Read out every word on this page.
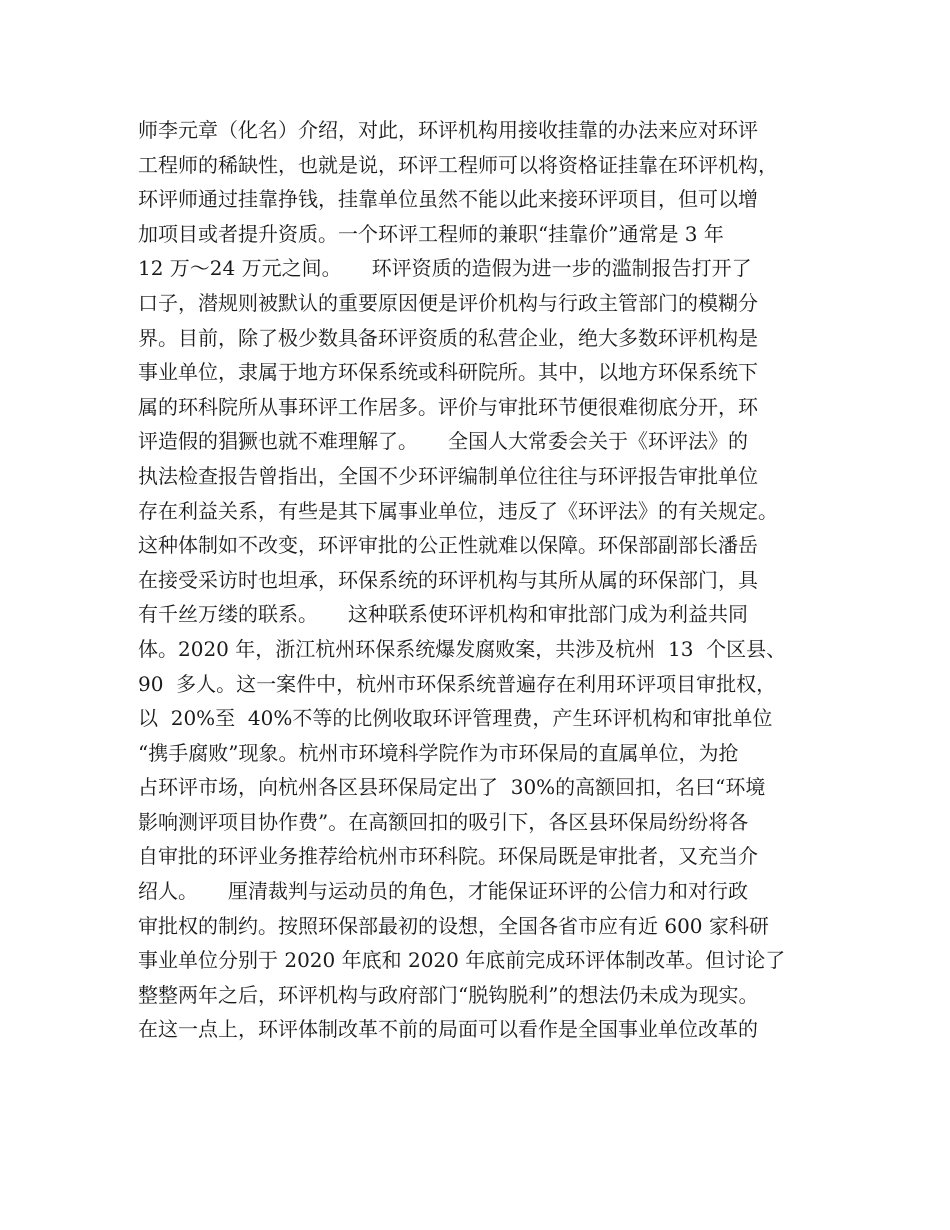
师李元章（化名）介绍，对此，环评机构用接收挂靠的办法来应对环评
工程师的稀缺性，也就是说，环评工程师可以将资格证挂靠在环评机构，
环评师通过挂靠挣钱，挂靠单位虽然不能以此来接环评项目，但可以增
加项目或者提升资质。一个环评工程师的兼职“挂靠价”通常是 3 年
12 万～24 万元之间。　　环评资质的造假为进一步的滥制报告打开了
口子，潜规则被默认的重要原因便是评价机构与行政主管部门的模糊分
界。目前，除了极少数具备环评资质的私营企业，绝大多数环评机构是
事业单位，隶属于地方环保系统或科研院所。其中，以地方环保系统下
属的环科院所从事环评工作居多。评价与审批环节便很难彻底分开，环
评造假的猖獗也就不难理解了。　　全国人大常委会关于《环评法》的
执法检查报告曾指出，全国不少环评编制单位往往与环评报告审批单位
存在利益关系，有些是其下属事业单位，违反了《环评法》的有关规定。
这种体制如不改变，环评审批的公正性就难以保障。环保部副部长潘岳
在接受采访时也坦承，环保系统的环评机构与其所从属的环保部门，具
有千丝万缕的联系。　　这种联系使环评机构和审批部门成为利益共同
体。2020 年，浙江杭州环保系统爆发腐败案，共涉及杭州  13  个区县、
90  多人。这一案件中，杭州市环保系统普遍存在利用环评项目审批权，
以  20%至  40%不等的比例收取环评管理费，产生环评机构和审批单位
“携手腐败”现象。杭州市环境科学院作为市环保局的直属单位，为抢
占环评市场，向杭州各区县环保局定出了  30%的高额回扣，名曰“环境
影响测评项目协作费”。在高额回扣的吸引下，各区县环保局纷纷将各
自审批的环评业务推荐给杭州市环科院。环保局既是审批者，又充当介
绍人。　　厘清裁判与运动员的角色，才能保证环评的公信力和对行政
审批权的制约。按照环保部最初的设想，全国各省市应有近 600 家科研
事业单位分别于 2020 年底和 2020 年底前完成环评体制改革。但讨论了
整整两年之后，环评机构与政府部门“脱钩脱利”的想法仍未成为现实。
在这一点上，环评体制改革不前的局面可以看作是全国事业单位改革的
